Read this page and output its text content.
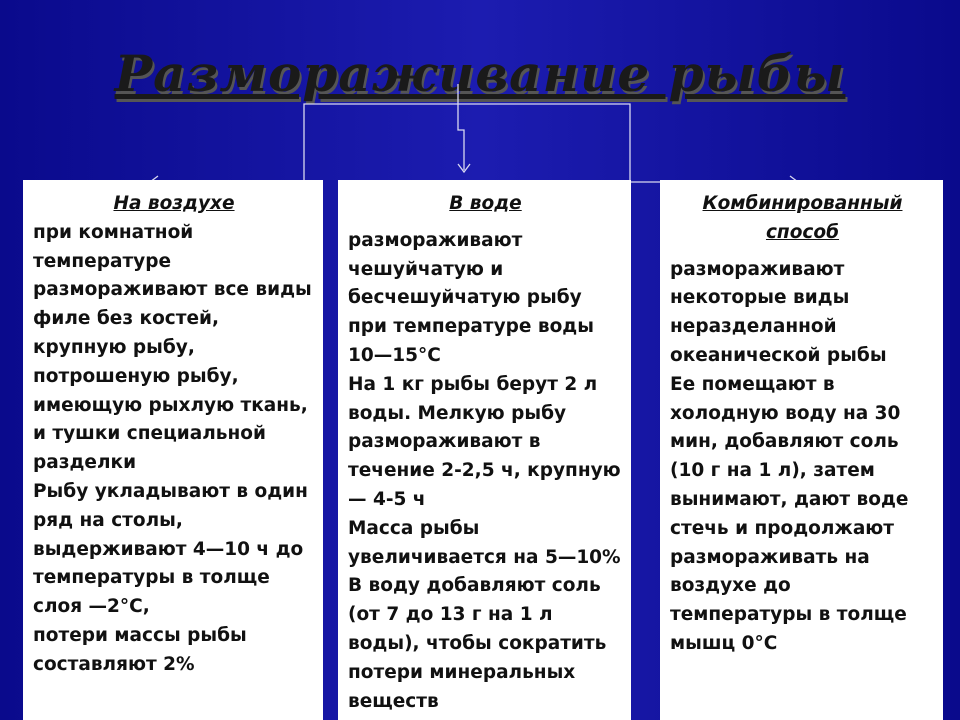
Размораживание рыбы
На воздухе
при комнатной температуре размораживают все виды филе без костей, крупную рыбу, потрошеную рыбу, имеющую рыхлую ткань, и тушки специальной разделки
Рыбу укладывают в один ряд на столы, выдерживают 4—10 ч до температуры в толще слоя —2°С,
потери массы рыбы составляют 2%
В воде
размораживают чешуйчатую и бесчешуйчатую рыбу при температуре воды 10—15°С
На 1 кг рыбы берут 2 л воды. Мелкую рыбу размораживают в течение 2-2,5 ч, крупную — 4-5 ч
Масса рыбы увеличивается на 5—10%
В воду добавляют соль (от 7 до 13 г на 1 л воды), чтобы сократить потери минеральных веществ
Комбинированный способ
размораживают некоторые виды неразделанной океанической рыбы
Ее помещают в холодную воду на 30 мин, добавляют соль (10 г на 1 л), затем вынимают, дают воде стечь и продолжают размораживать на воздухе до температуры в толще мышц 0°С
